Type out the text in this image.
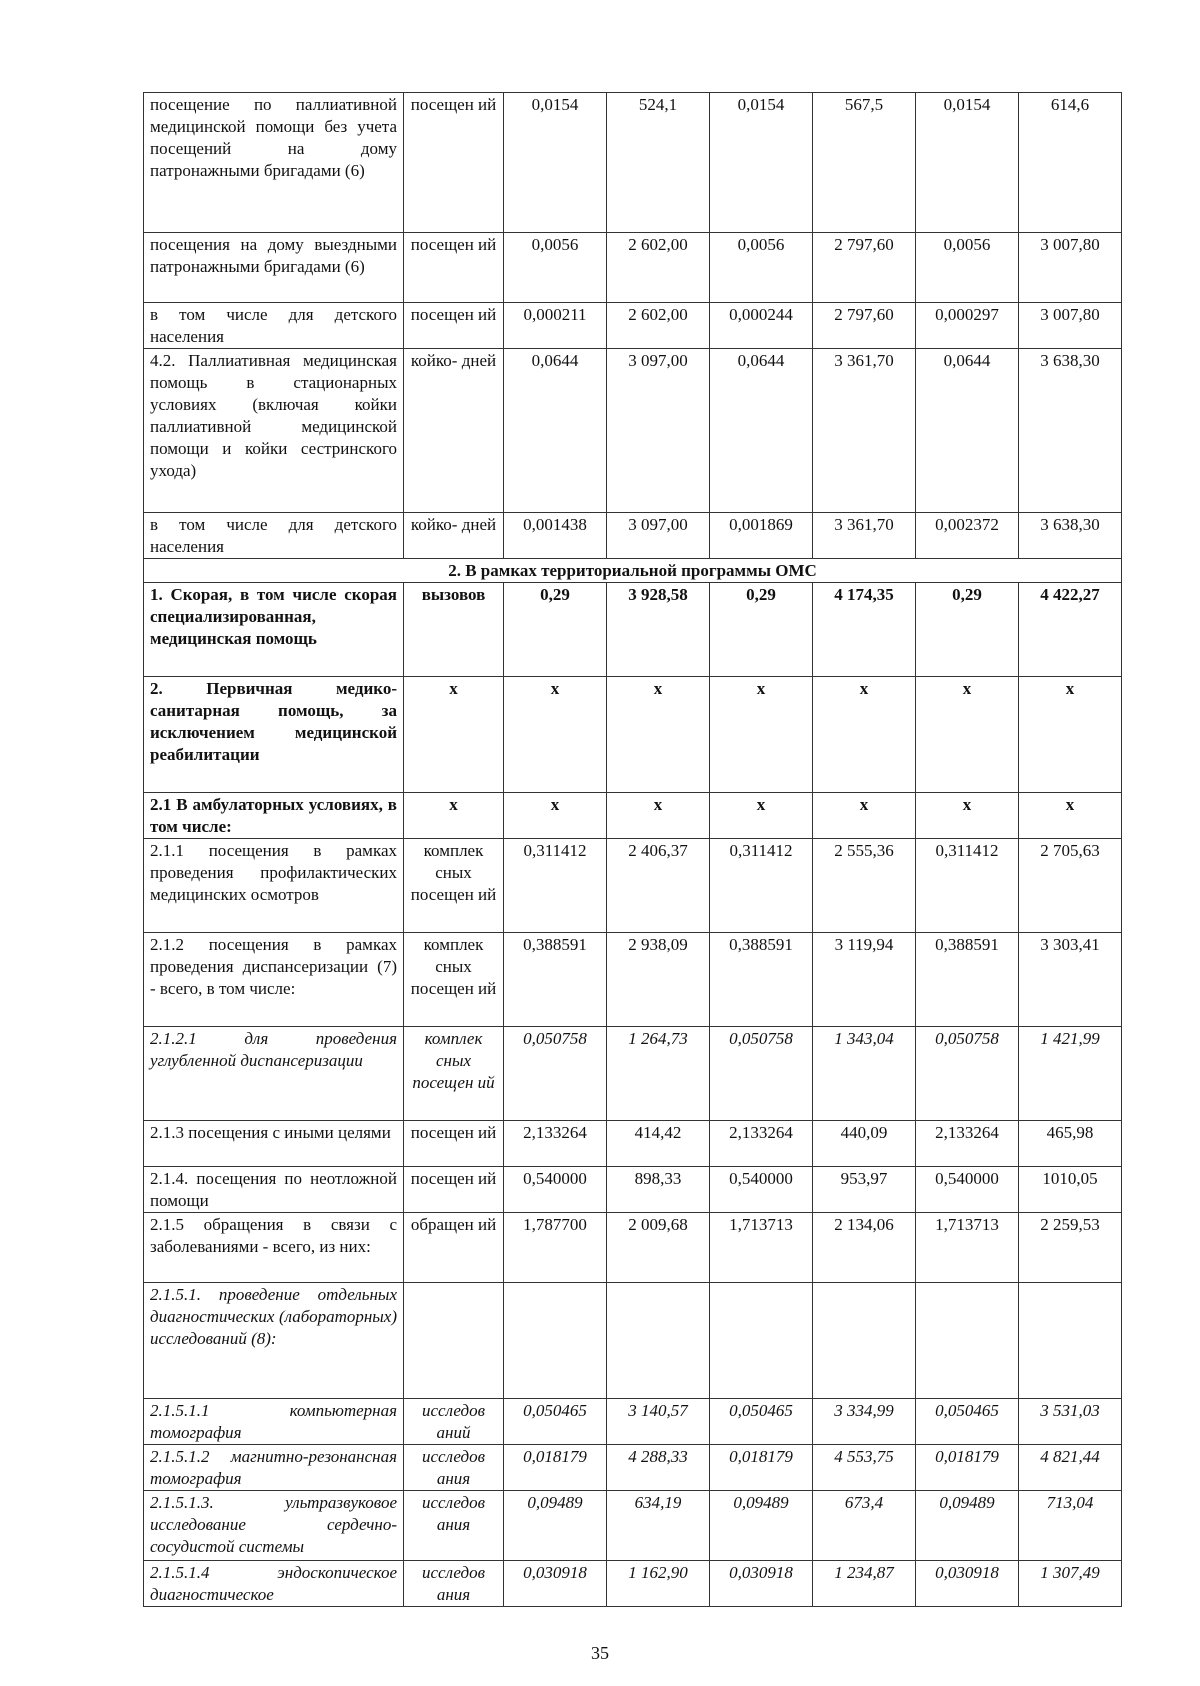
посещение по паллиативной медицинской помощи без учета посещений на дому патронажными бригадами (6)	посещен ий	0,0154	524,1	0,0154	567,5	0,0154	614,6
посещения на дому выездными патронажными бригадами (6)	посещен ий	0,0056	2 602,00	0,0056	2 797,60	0,0056	3 007,80
в том числе для детского населения	посещен ий	0,000211	2 602,00	0,000244	2 797,60	0,000297	3 007,80
4.2. Паллиативная медицинская помощь в стационарных условиях (включая койки паллиативной медицинской помощи и койки сестринского ухода)	койко- дней	0,0644	3 097,00	0,0644	3 361,70	0,0644	3 638,30
в том числе для детского населения	койко- дней	0,001438	3 097,00	0,001869	3 361,70	0,002372	3 638,30
2. В рамках территориальной программы ОМС							
1. Скорая, в том числе скорая специализированная, медицинская помощь	вызовов	0,29	3 928,58	0,29	4 174,35	0,29	4 422,27
2. Первичная медико-санитарная помощь, за исключением медицинской реабилитации	х	х	х	х	х	х	х
2.1 В амбулаторных условиях, в том числе:	х	х	х	х	х	х	х
2.1.1 посещения в рамках проведения профилактических медицинских осмотров	комплек сных посещен ий	0,311412	2 406,37	0,311412	2 555,36	0,311412	2 705,63
2.1.2 посещения в рамках проведения диспансеризации (7) - всего, в том числе:	комплек сных посещен ий	0,388591	2 938,09	0,388591	3 119,94	0,388591	3 303,41
2.1.2.1 для проведения углубленной диспансеризации	комплек сных посещен ий	0,050758	1 264,73	0,050758	1 343,04	0,050758	1 421,99
2.1.3 посещения с иными целями	посещен ий	2,133264	414,42	2,133264	440,09	2,133264	465,98
2.1.4. посещения по неотложной помощи	посещен ий	0,540000	898,33	0,540000	953,97	0,540000	1010,05
2.1.5 обращения в связи с заболеваниями - всего, из них:	обращен ий	1,787700	2 009,68	1,713713	2 134,06	1,713713	2 259,53
2.1.5.1. проведение отдельных диагностических (лабораторных) исследований (8):							
2.1.5.1.1 компьютерная томография	исследов аний	0,050465	3 140,57	0,050465	3 334,99	0,050465	3 531,03
2.1.5.1.2 магнитно-резонансная томография	исследов ания	0,018179	4 288,33	0,018179	4 553,75	0,018179	4 821,44
2.1.5.1.3. ультразвуковое исследование сердечно-сосудистой системы	исследов ания	0,09489	634,19	0,09489	673,4	0,09489	713,04
2.1.5.1.4 эндоскопическое диагностическое	исследов ания	0,030918	1 162,90	0,030918	1 234,87	0,030918	1 307,49
35
